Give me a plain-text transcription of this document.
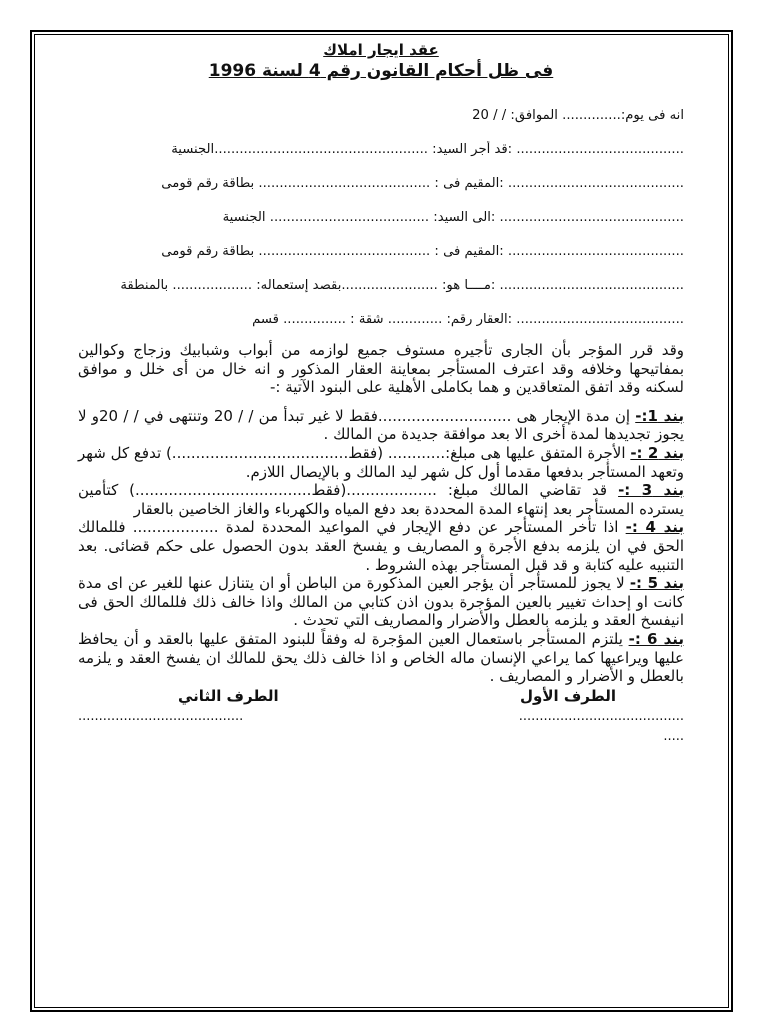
عقد ايجار املاك

فى ظل أحكام القانون رقم 4 لسنة 1996

انه فى يوم:.............. الموافق: / / 20
........................................ :قد أجر السيد: ...................................................الجنسية
.......................................... :المقيم فى : ......................................... بطاقة رقم قومى
............................................ :الى السيد: ...................................... الجنسية
.......................................... :المقيم فى : ......................................... بطاقة رقم قومى
............................................ :مــــا هو: .......................بقصد إستعماله: ................... بالمنطقة
........................................ :العقار رقم: ............. شقة : ............... قسم

وقد قرر المؤجر بأن الجارى تأجيره مستوف جميع لوازمه من أبواب وشبابيك وزجاج وكوالين بمفاتيحها وخلافه وقد اعترف المستأجر بمعاينة العقار المذكور و انه خال من أى خلل و موافق لسكنه وقد اتفق المتعاقدين و هما بكاملى الأهلية على البنود الآتية :-

بند 1:- إن مدة الإيجار هى ............................فقط لا غير تبدأ من / / 20 وتنتهى في / / 20و لا يجوز تجديدها لمدة أخرى الا بعد موافقة جديدة من المالك .

بند 2 :- الأجرة المتفق عليها هى مبلغ:............ (فقط.....................................) تدفع كل شهر وتعهد المستأجر بدفعها مقدما أول كل شهر ليد المالك و بالإيصال اللازم.

بند 3 :- قد تقاضي المالك مبلغ: ...................(فقط.....................................) كتأمين يسترده المستأجر بعد إنتهاء المدة المحددة بعد دفع المياه والكهرباء والغاز الخاصين بالعقار

بند 4 :- اذا تأخر المستأجر عن دفع الإيجار في المواعيد المحددة لمدة .................. فللمالك الحق في ان يلزمه بدفع الأجرة و المصاريف و يفسخ العقد بدون الحصول على حكم قضائى. بعد التنبيه عليه كتابة و قد قبل المستأجر بهذه الشروط .

بند 5 :- لا يجوز للمستأجر أن يؤجر العين المذكورة من الباطن أو ان يتنازل عنها للغير عن اى مدة كانت او إحداث تغيير بالعين المؤجرة بدون اذن كتابي من المالك واذا خالف ذلك فللمالك الحق فى انيفسخ العقد و يلزمه بالعطل والأضرار والمصاريف التي تحدث .

بند 6 :- يلتزم المستأجر باستعمال العين المؤجرة له وفقاً للبنود المتفق عليها بالعقد و أن يحافظ عليها ويراعيها كما يراعي الإنسان ماله الخاص و اذا خالف ذلك يحق للمالك ان يفسخ العقد و يلزمه بالعطل و الأضرار و المصاريف .

الطرف الأول
الطرف الثاني
........................................
........................................
.....
